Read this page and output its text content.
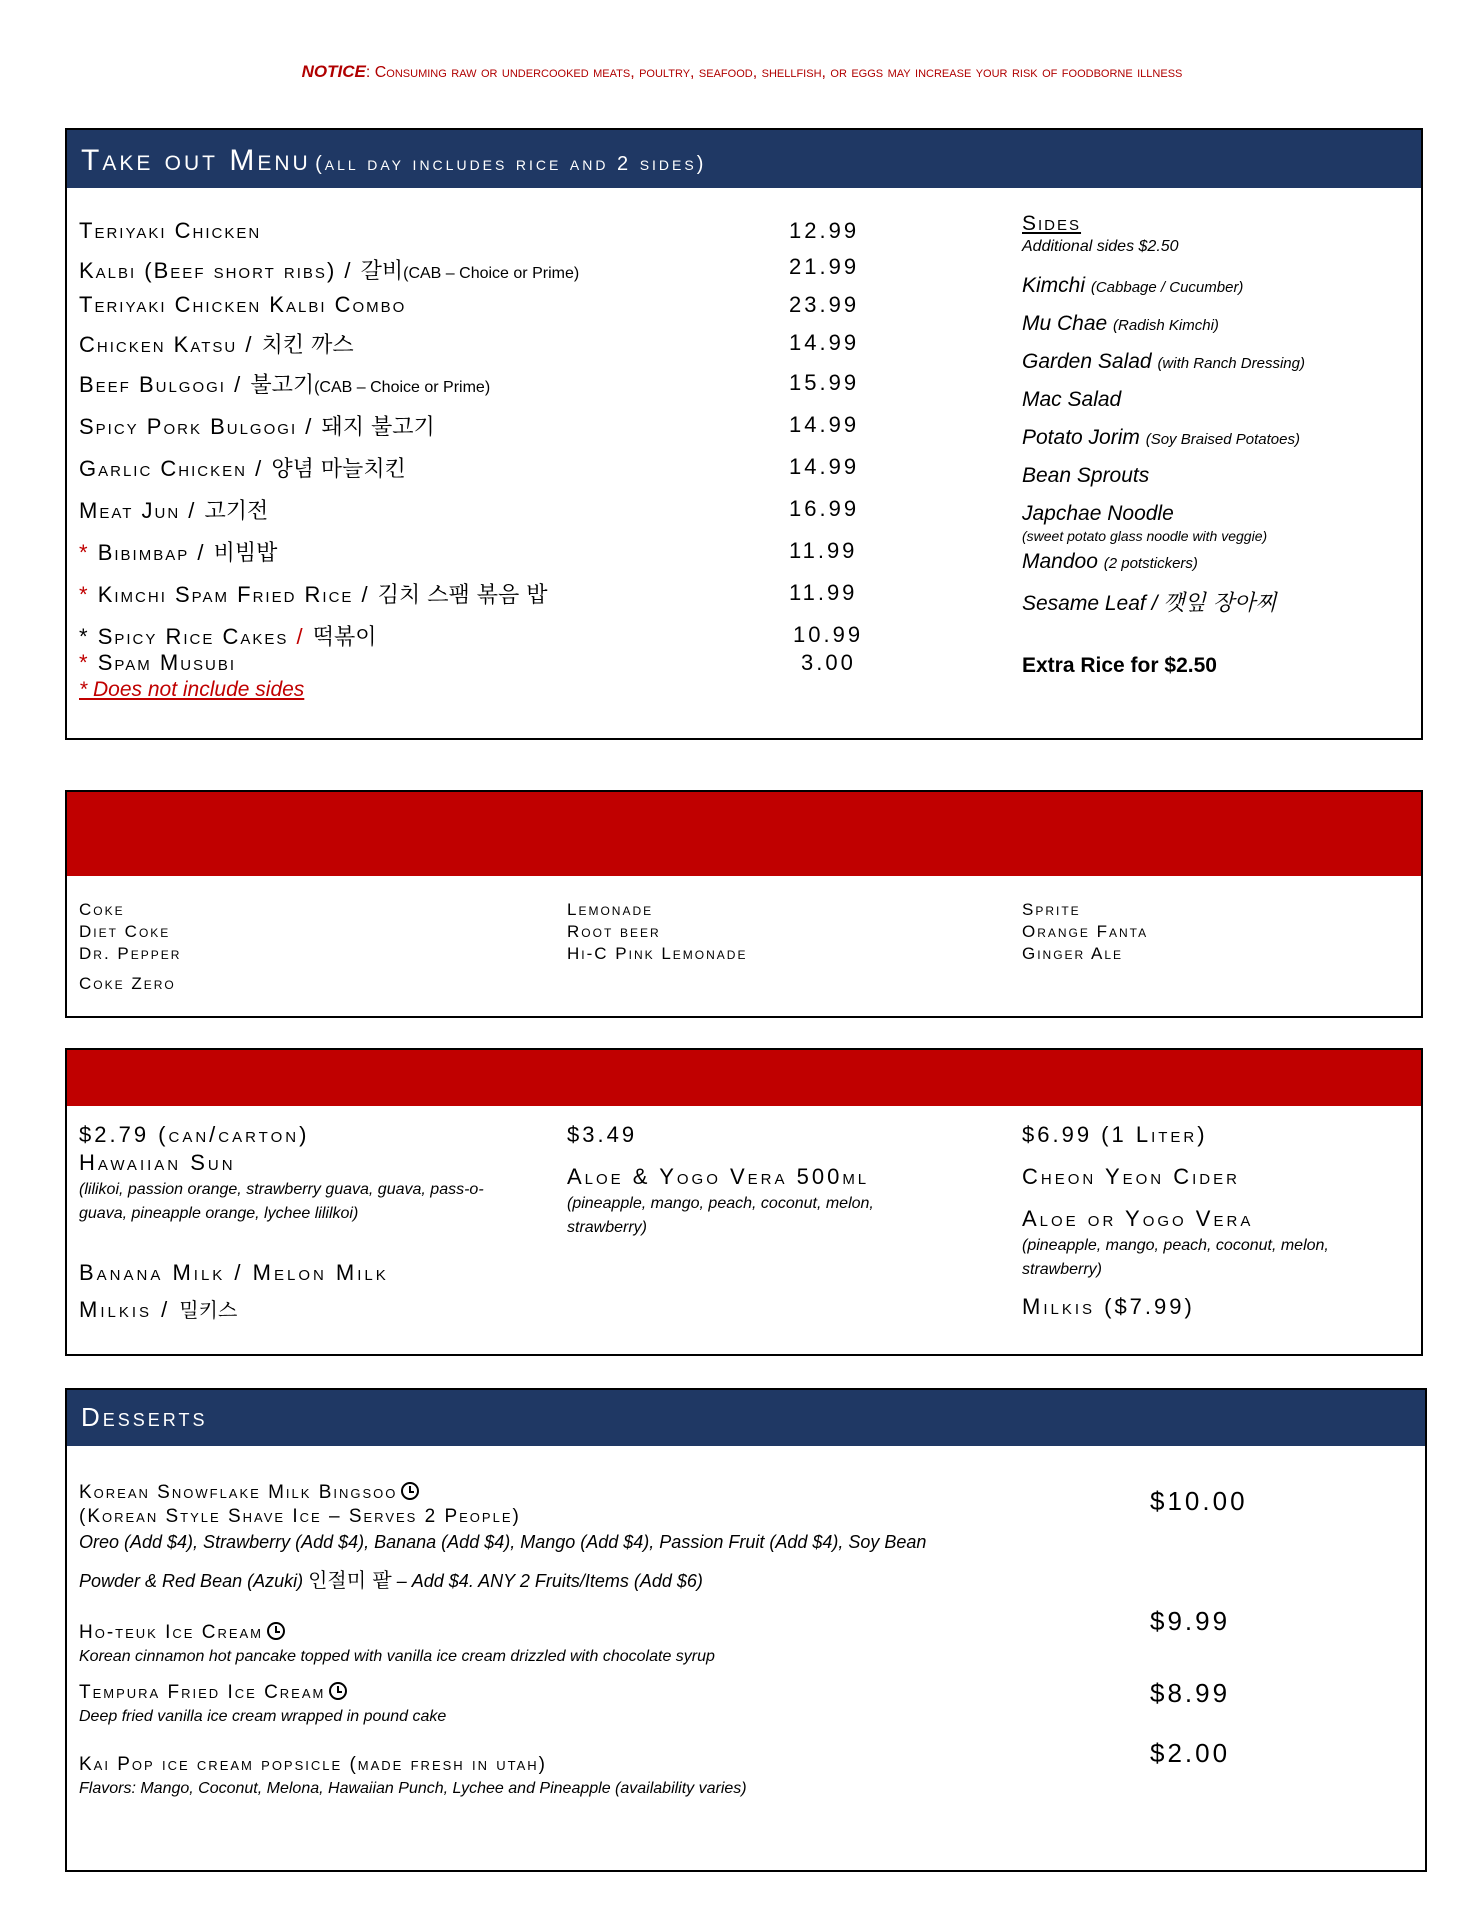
NOTICE: Consuming raw or undercooked meats, poultry, seafood, shellfish, or eggs may increase your risk of foodborne illness
Take out Menu (all day includes rice and 2 sides)
Teriyaki Chicken	12.99
Kalbi (Beef short ribs) / 갈비(CAB – Choice or Prime)	21.99
Teriyaki Chicken Kalbi Combo	23.99
Chicken Katsu / 치킨 까스	14.99
Beef Bulgogi / 불고기(CAB – Choice or Prime)	15.99
Spicy Pork Bulgogi / 돼지 불고기	14.99
Garlic Chicken / 양념 마늘치킨	14.99
Meat Jun / 고기전	16.99
* Bibimbap / 비빔밥	11.99
* Kimchi Spam Fried Rice / 김치 스팸 볶음 밥	11.99
* Spicy Rice Cakes / 떡볶이	10.99
* Spam Musubi	3.00
* Does not include sides
Sides
Additional sides $2.50
Kimchi (Cabbage / Cucumber)
Mu Chae (Radish Kimchi)
Garden Salad (with Ranch Dressing)
Mac Salad
Potato Jorim (Soy Braised Potatoes)
Bean Sprouts
Japchae Noodle
(sweet potato glass noodle with veggie)
Mandoo (2 potstickers)
Sesame Leaf / 깻잎 장아찌
Extra Rice for $2.50
Drinks with Free Refill (dine-in only)
$3.49
Coke
Diet Coke
Dr. Pepper
Coke Zero
Lemonade
Root beer
Hi-C Pink Lemonade
Sprite
Orange Fanta
Ginger Ale
Specialty Drinks (availability may vary)
$2.79 (can/carton)
Hawaiian Sun
(lilikoi, passion orange, strawberry guava, guava, pass-o-guava, pineapple orange, lychee lililkoi)
Banana Milk / Melon Milk
Milkis / 밀키스
$3.49
Aloe & Yogo Vera 500ml
(pineapple, mango, peach, coconut, melon, strawberry)
$6.99 (1 Liter)
Cheon Yeon Cider
Aloe or Yogo Vera
(pineapple, mango, peach, coconut, melon, strawberry)
Milkis ($7.99)
Desserts
Korean Snowflake Milk Bingsoo
(Korean Style Shave Ice – Serves 2 People)
Oreo (Add $4), Strawberry (Add $4), Banana (Add $4), Mango (Add $4), Passion Fruit (Add $4), Soy Bean
Powder & Red Bean (Azuki) 인절미 팥 – Add $4. ANY 2 Fruits/Items (Add $6)
$10.00
Ho-teuk Ice Cream
Korean cinnamon hot pancake topped with vanilla ice cream drizzled with chocolate syrup
$9.99
Tempura Fried Ice Cream
Deep fried vanilla ice cream wrapped in pound cake
$8.99
Kai Pop ice cream popsicle (made fresh in utah)
Flavors: Mango, Coconut, Melona, Hawaiian Punch, Lychee and Pineapple (availability varies)
$2.00
